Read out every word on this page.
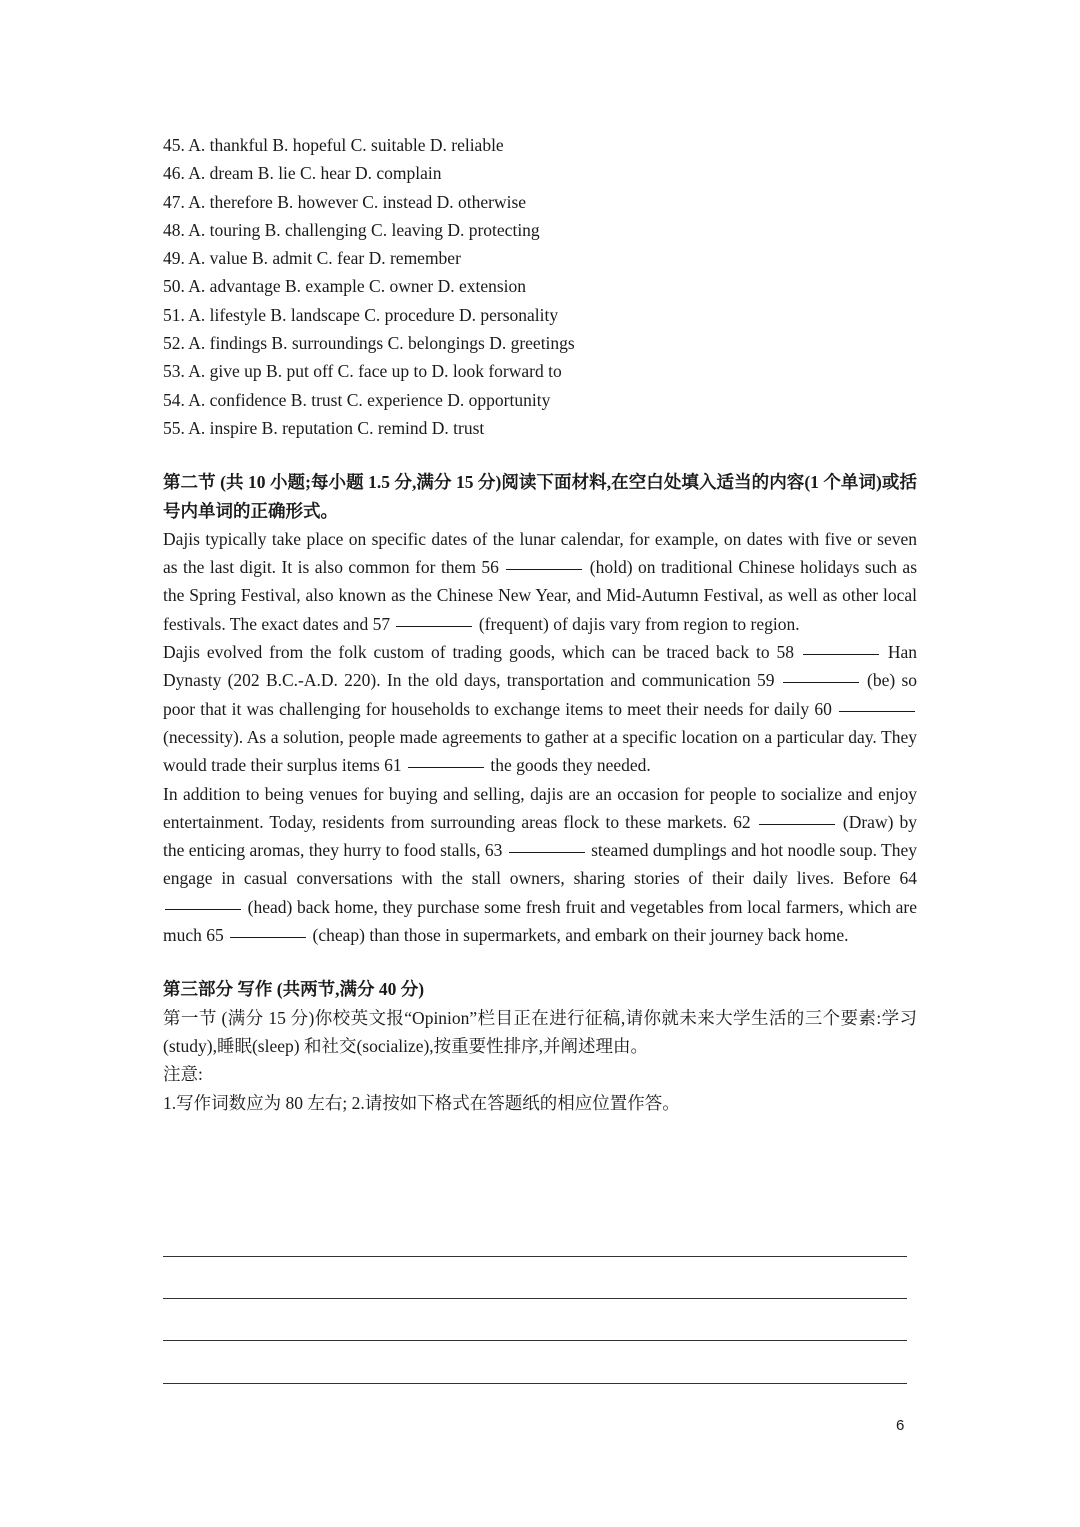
45. A. thankful B. hopeful C. suitable D. reliable
46. A. dream B. lie C. hear D. complain
47. A. therefore B. however C. instead D. otherwise
48. A. touring B. challenging C. leaving D. protecting
49. A. value B. admit C. fear D. remember
50. A. advantage B. example C. owner D. extension
51. A. lifestyle B. landscape C. procedure D. personality
52. A. findings B. surroundings C. belongings D. greetings
53. A. give up B. put off C. face up to D. look forward to
54. A. confidence B. trust C. experience D. opportunity
55. A. inspire B. reputation C. remind D. trust

第二节 (共 10 小题;每小题 1.5 分,满分 15 分)阅读下面材料,在空白处填入适当的内容(1 个单词)或括号内单词的正确形式。

Dajis typically take place on specific dates of the lunar calendar, for example, on dates with five or seven as the last digit. It is also common for them 56	(hold) on traditional Chinese holidays such as the Spring Festival, also known as the Chinese New Year, and Mid-Autumn Festival, as well as other local festivals. The exact dates and 57	(frequent) of dajis vary from region to region.

Dajis evolved from the folk custom of trading goods, which can be traced back to 58	Han Dynasty (202 B.C.-A.D. 220). In the old days, transportation and communication 59	(be) so poor that it was challenging for households to exchange items to meet their needs for daily 60  (necessity). As a solution, people made agreements to gather at a specific location on a particular day. They would trade their surplus items 61	the goods they needed.

In addition to being venues for buying and selling, dajis are an occasion for people to socialize and enjoy entertainment. Today, residents from surrounding areas flock to these markets. 62	(Draw) by the enticing aromas, they hurry to food stalls, 63	steamed dumplings and hot noodle soup. They engage in casual conversations with the stall owners, sharing stories of their daily lives. Before 64  (head) back home, they purchase some fresh fruit and vegetables from local farmers, which are much 65	(cheap) than those in supermarkets, and embark on their journey back home.

第三部分 写作 (共两节,满分 40 分)

第一节 (满分 15 分)你校英文报“Opinion”栏目正在进行征稿,请你就未来大学生活的三个要素:学习(study),睡眠(sleep) 和社交(socialize),按重要性排序,并阐述理由。

注意:

1.写作词数应为 80 左右; 2.请按如下格式在答题纸的相应位置作答。

6
